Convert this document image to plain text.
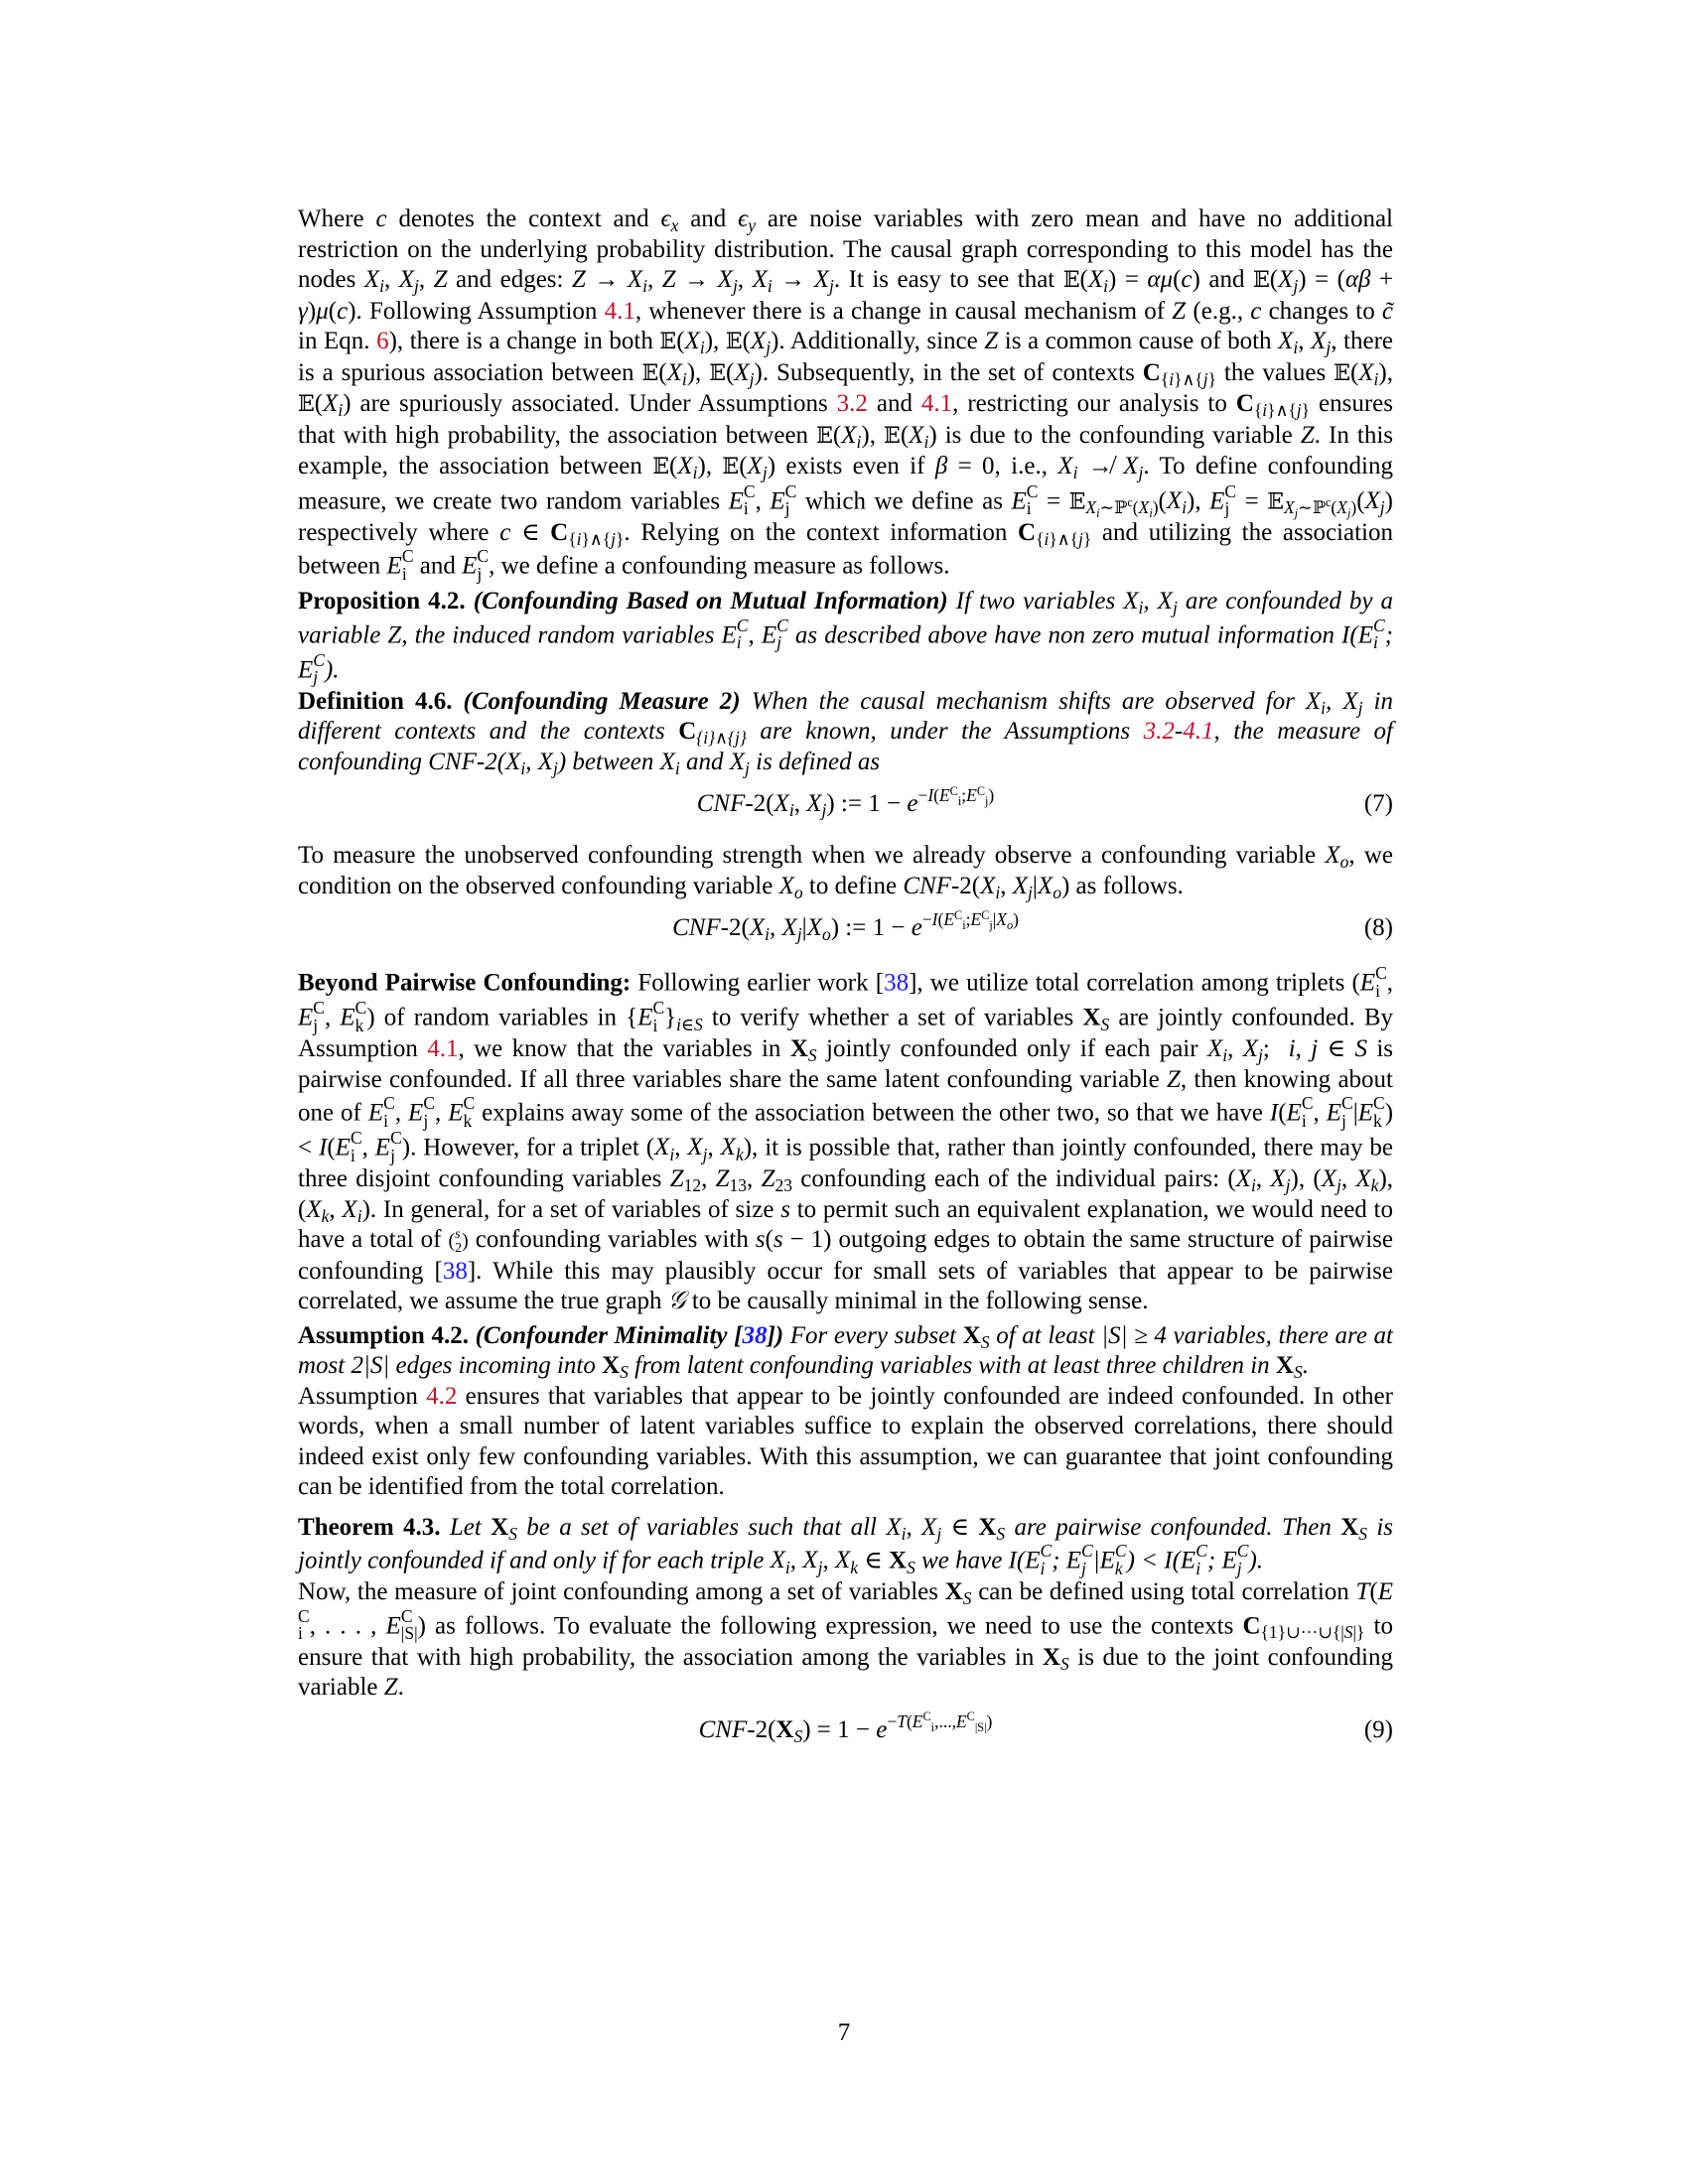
Where c denotes the context and $\epsilon_x$ and $\epsilon_y$ are noise variables with zero mean and have no additional restriction on the underlying probability distribution. The causal graph corresponding to this model has the nodes $X_i$, $X_j$, Z and edges: $Z \to X_i$, $Z \to X_j$, $X_i \to X_j$. It is easy to see that $𝔼(X_i) = \alpha\mu(c)$ and $𝔼(X_j) = (\alpha\beta + \gamma)\mu(c)$. Following Assumption 4.1, whenever there is a change in causal mechanism of Z (e.g., c changes to c̃ in Eqn. 6), there is a change in both $𝔼(X_i)$, $𝔼(X_j)$. Additionally, since Z is a common cause of both $X_i$, $X_j$, there is a spurious association between $𝔼(X_i)$, $𝔼(X_j)$. Subsequently, in the set of contexts $C_{\{i\}\wedge\{j\}}$ the values $𝔼(X_i)$, $𝔼(X_i)$ are spuriously associated. Under Assumptions 3.2 and 4.1, restricting our analysis to $C_{\{i\}\wedge\{j\}}$ ensures that with high probability, the association between $𝔼(X_i)$, $𝔼(X_i)$ is due to the confounding variable Z. In this example, the association between $𝔼(X_i)$, $𝔼(X_j)$ exists even if β = 0, i.e., $X_i$ ↛ $X_j$. To define confounding measure, we create two random variables E C
i , E C
j which we define as E C
$i = 𝔼_{X_i\sim ℙ^c(X_i)}(X_i)$, E C
$j = 𝔼_{X_j\sim ℙ^c(X_j)}(X_j)$ respectively where c ∈ $C_{\{i\}\wedge\{j\}}$. Relying on the context information $C_{\{i\}\wedge\{j\}}$ and utilizing the association between E C
i and E C
j , we define a confounding measure as follows.

Proposition 4.2. (Confounding Based on Mutual Information) If two variables $X_i$, $X_j$ are confounded by a variable Z, the induced random variables E C
i , E C
j as described above have non zero mutual information I(E C
i ; E C
j ).

Definition 4.6. (Confounding Measure 2) When the causal mechanism shifts are observed for $X_i$, $X_j$ in different contexts and the contexts $C_{\{i\}\wedge\{j\}}$ are known, under the Assumptions 3.2-4.1, the measure of confounding CNF-$2(X_i$, $X_j$) between $X_i$ and $X_j$ is defined as

CNF-$2(X_i$, $X_j$) := $1 - e^{-I(E^C_i;E^C_j)}$	(7)

To measure the unobserved confounding strength when we already observe a confounding variable $X_o$, we condition on the observed confounding variable $X_o$ to define CNF-$2(X_i$, $X_j|X_o$) as follows.

CNF-$2(X_i$, $X_j|X_o$) := $1 - e^{-I(E^C_i;E^C_j|X_o)}$	(8)

Beyond Pairwise Confounding: Following earlier work [38], we utilize total correlation among triplets (E C
i , E C
j , E C
k ) of random variables in {E C
i }$_{i\in S}$ to verify whether a set of variables $X_S$ are jointly confounded. By Assumption 4.1, we know that the variables in $X_S$ jointly confounded only if each pair $X_i$, $X_j$;  i, j ∈ S is pairwise confounded. If all three variables share the same latent confounding variable Z, then knowing about one of E C
i , E C
j , E C
k explains away some of the association between the other two, so that we have I(E C
i , E C
j |E C
k ) < I(E C
i , E C
j ). However, for a triplet ($X_i$, $X_j$, $X_k$), it is possible that, rather than jointly confounded, there may be three disjoint confounding variables $Z_{12}$, $Z_{13}$, $Z_{23}$ confounding each of the individual pairs: ($X_i$, $X_j$), ($X_j$, $X_k$), ($X_k$, $X_i$). In general, for a set of variables of size s to permit such an equivalent explanation, we would need to have a total of ( s
2 ) confounding variables with s(s − 1) outgoing edges to obtain the same structure of pairwise confounding [38]. While this may plausibly occur for small sets of variables that appear to be pairwise correlated, we assume the true graph 𝒢 to be causally minimal in the following sense.

Assumption 4.2. (Confounder Minimality [38]) For every subset $X_S$ of at least |S| ≥ 4 variables, there are at most 2|S| edges incoming into $X_S$ from latent confounding variables with at least three children in $X_S$.

Assumption 4.2 ensures that variables that appear to be jointly confounded are indeed confounded. In other words, when a small number of latent variables suffice to explain the observed correlations, there should indeed exist only few confounding variables. With this assumption, we can guarantee that joint confounding can be identified from the total correlation.

Theorem 4.3. Let $X_S$ be a set of variables such that all $X_i$, $X_j$ ∈ $X_S$ are pairwise confounded. Then $X_S$ is jointly confounded if and only if for each triple $X_i$, $X_j$, $X_k$ ∈ $X_S$ we have I(E C
i ; E C
j |E C
k ) < I(E C
i ; E C
j ).

Now, the measure of joint confounding among a set of variables $X_S$ can be defined using total correlation T(E
C
i , . . . , E C
|S| ) as follows. To evaluate the following expression, we need to use the contexts $C_{\{1\}\cup\cdot\cdot\cdot\cup\{|S|\}}$ to ensure that with high probability, the association among the variables in $X_S$ is due to the joint confounding variable Z.

CNF-$2(X_S) = 1 - e^{-T(E^C_i,...,E^C_{|S|})}$	(9)
7
